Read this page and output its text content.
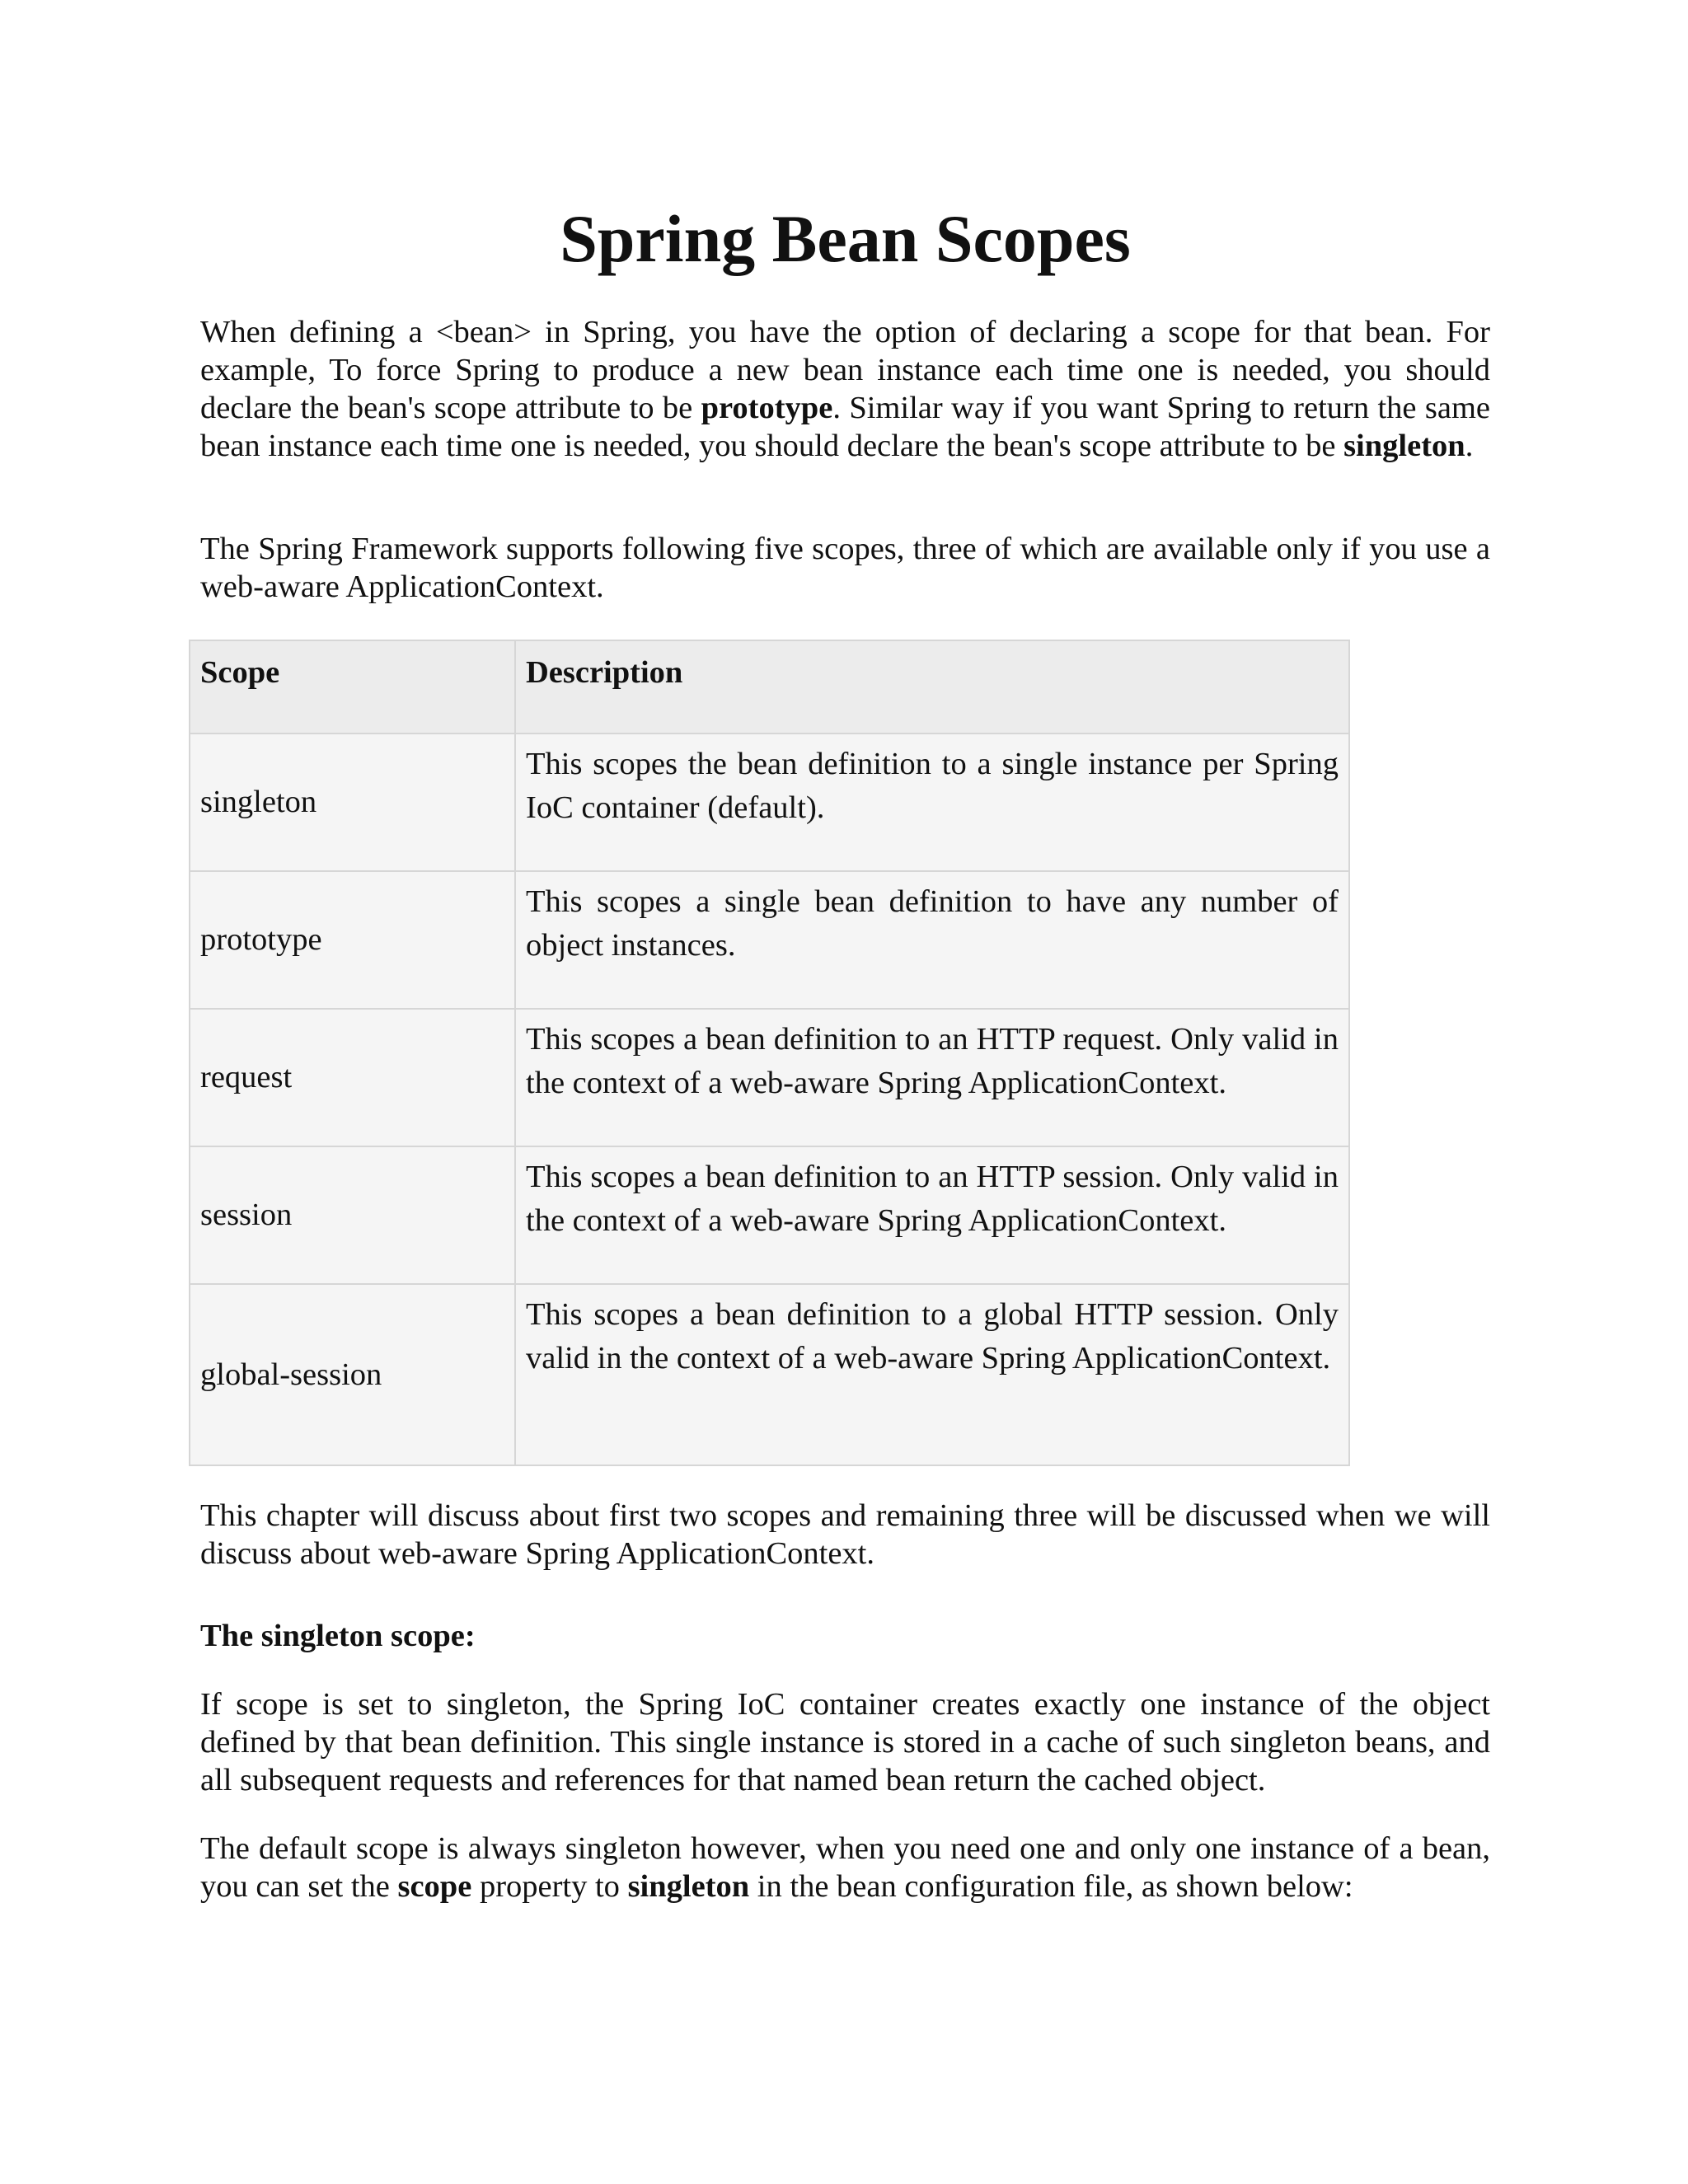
Spring Bean Scopes

When defining a <bean> in Spring, you have the option of declaring a scope for that bean. For example, To force Spring to produce a new bean instance each time one is needed, you should declare the bean's scope attribute to be prototype. Similar way if you want Spring to return the same bean instance each time one is needed, you should declare the bean's scope attribute to be singleton.

The Spring Framework supports following five scopes, three of which are available only if you use a web-aware ApplicationContext.

This chapter will discuss about first two scopes and remaining three will be discussed when we will discuss about web-aware Spring ApplicationContext.

The singleton scope:

If scope is set to singleton, the Spring IoC container creates exactly one instance of the object defined by that bean definition. This single instance is stored in a cache of such singleton beans, and all subsequent requests and references for that named bean return the cached object.

The default scope is always singleton however, when you need one and only one instance of a bean, you can set the scope property to singleton in the bean configuration file, as shown below:

Scope	Description
singleton	This scopes the bean definition to a single instance per Spring IoC container (default).
prototype	This scopes a single bean definition to have any number of object instances.
request	This scopes a bean definition to an HTTP request. Only valid in the context of a web-aware Spring ApplicationContext.
session	This scopes a bean definition to an HTTP session. Only valid in the context of a web-aware Spring ApplicationContext.
global-session	This scopes a bean definition to a global HTTP session. Only valid in the context of a web-aware Spring ApplicationContext.
